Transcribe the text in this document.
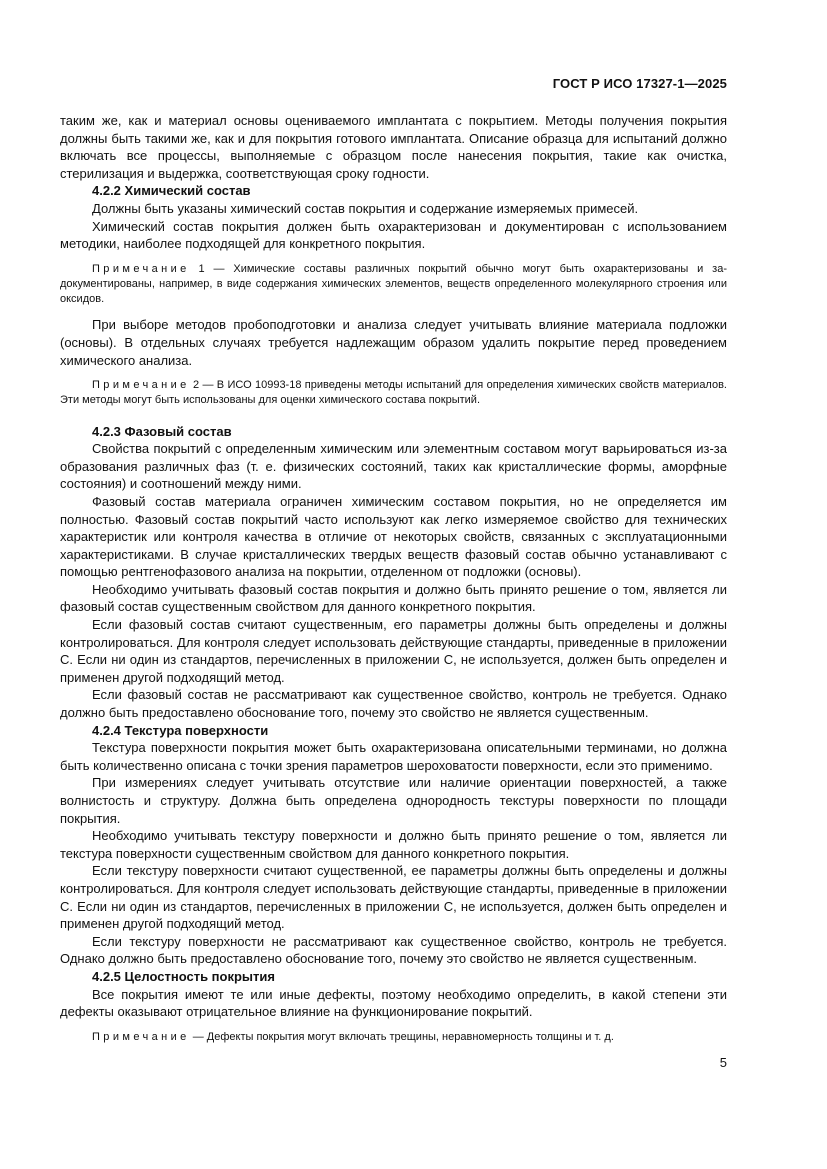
ГОСТ Р ИСО 17327-1—2025

таким же, как и материал основы оцениваемого имплантата с покрытием. Методы получения покрытия должны быть такими же, как и для покрытия готового имплантата. Описание образца для испытаний должно включать все процессы, выполняемые с образцом после нанесения покрытия, такие как очистка, стерилизация и выдержка, соответствующая сроку годности.

4.2.2 Химический состав

Должны быть указаны химический состав покрытия и содержание измеряемых примесей.

Химический состав покрытия должен быть охарактеризован и документирован с использованием методики, наиболее подходящей для конкретного покрытия.

Примечание 1 — Химические составы различных покрытий обычно могут быть охарактеризованы и задокументированы, например, в виде содержания химических элементов, веществ определенного молекулярного строения или оксидов.

При выборе методов пробоподготовки и анализа следует учитывать влияние материала подложки (основы). В отдельных случаях требуется надлежащим образом удалить покрытие перед проведением химического анализа.

Примечание 2 — В ИСО 10993-18 приведены методы испытаний для определения химических свойств материалов. Эти методы могут быть использованы для оценки химического состава покрытий.

4.2.3 Фазовый состав

Свойства покрытий с определенным химическим или элементным составом могут варьироваться из-за образования различных фаз (т. е. физических состояний, таких как кристаллические формы, аморфные состояния) и соотношений между ними.

Фазовый состав материала ограничен химическим составом покрытия, но не определяется им полностью. Фазовый состав покрытий часто используют как легко измеряемое свойство для технических характеристик или контроля качества в отличие от некоторых свойств, связанных с эксплуатационными характеристиками. В случае кристаллических твердых веществ фазовый состав обычно устанавливают с помощью рентгенофазового анализа на покрытии, отделенном от подложки (основы).

Необходимо учитывать фазовый состав покрытия и должно быть принято решение о том, является ли фазовый состав существенным свойством для данного конкретного покрытия.

Если фазовый состав считают существенным, его параметры должны быть определены и должны контролироваться. Для контроля следует использовать действующие стандарты, приведенные в приложении С. Если ни один из стандартов, перечисленных в приложении С, не используется, должен быть определен и применен другой подходящий метод.

Если фазовый состав не рассматривают как существенное свойство, контроль не требуется. Однако должно быть предоставлено обоснование того, почему это свойство не является существенным.

4.2.4 Текстура поверхности

Текстура поверхности покрытия может быть охарактеризована описательными терминами, но должна быть количественно описана с точки зрения параметров шероховатости поверхности, если это применимо.

При измерениях следует учитывать отсутствие или наличие ориентации поверхностей, а также волнистость и структуру. Должна быть определена однородность текстуры поверхности по площади покрытия.

Необходимо учитывать текстуру поверхности и должно быть принято решение о том, является ли текстура поверхности существенным свойством для данного конкретного покрытия.

Если текстуру поверхности считают существенной, ее параметры должны быть определены и должны контролироваться. Для контроля следует использовать действующие стандарты, приведенные в приложении С. Если ни один из стандартов, перечисленных в приложении С, не используется, должен быть определен и применен другой подходящий метод.

Если текстуру поверхности не рассматривают как существенное свойство, контроль не требуется. Однако должно быть предоставлено обоснование того, почему это свойство не является существенным.

4.2.5 Целостность покрытия

Все покрытия имеют те или иные дефекты, поэтому необходимо определить, в какой степени эти дефекты оказывают отрицательное влияние на функционирование покрытий.

Примечание — Дефекты покрытия могут включать трещины, неравномерность толщины и т. д.

5
